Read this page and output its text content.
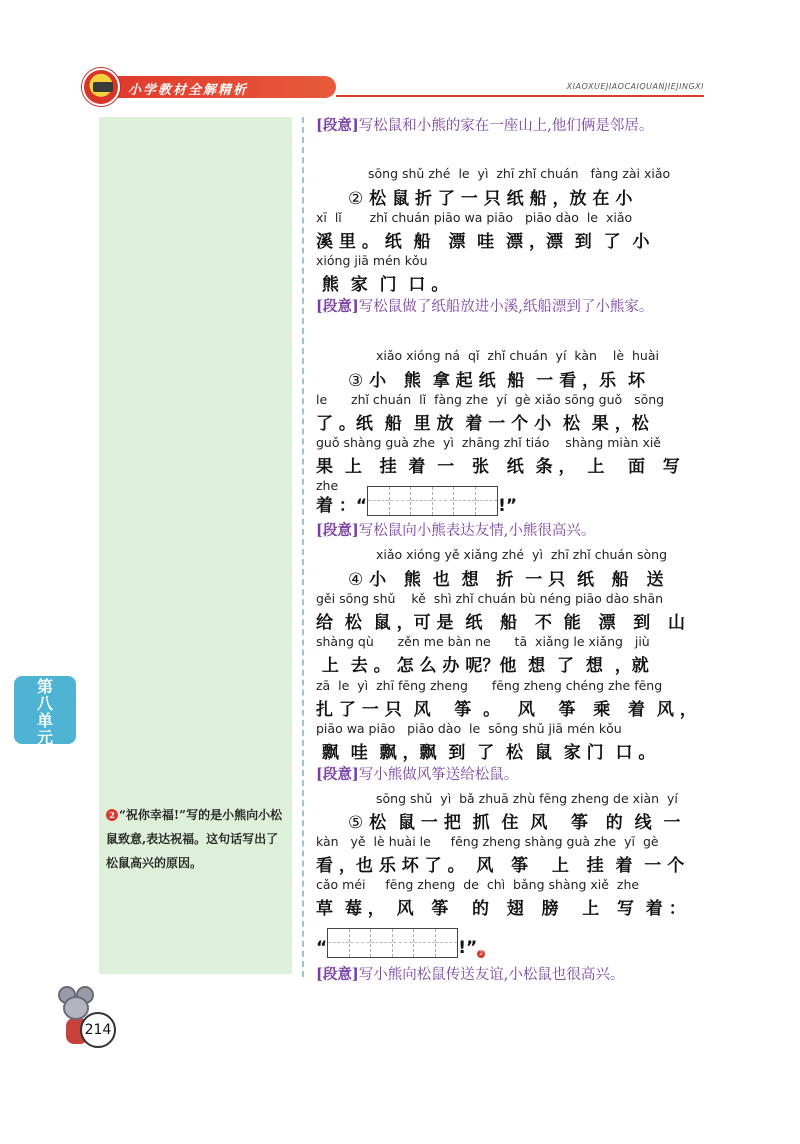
小学教材全解精析	XIAOXUEJIAOCAIQUANJIEJINGXI
2 “祝你幸福!”写的是小熊向小松鼠致意,表达祝福。这句话写出了松鼠高兴的原因。
第
八
单
元
214
[段意]写松鼠和小熊的家在一座山上,他们俩是邻居。
sōng shǔ zhé  le  yì  zhī zhǐ chuán   fàng zài xiǎo
② 松 鼠 折 了 一 只 纸 船 ，放 在 小
xī  lǐ       zhǐ chuán piāo wa piāo   piāo dào  le  xiǎo
溪 里 。 纸  船   漂  哇  漂 ，漂  到  了  小
xióng jiā mén kǒu
熊  家  门  口 。
[段意]写松鼠做了纸船放进小溪,纸船漂到了小熊家。
xiǎo xióng ná  qǐ  zhǐ chuán  yí  kàn    lè  huài
③ 小   熊  拿 起 纸  船  一 看 ，乐  坏
le      zhǐ chuán  lǐ  fàng zhe  yí  gè xiǎo sōng guǒ   sōng
了 。纸  船  里 放  着 一 个 小  松  果 ，松
guǒ shàng guà zhe  yì  zhāng zhǐ tiáo    shàng miàn xiě
果  上   挂  着  一   张   纸  条 ，  上    面   写
zhe
着 ：“	!”
[段意]写松鼠向小熊表达友情,小熊很高兴。
xiǎo xióng yě xiǎng zhé  yì  zhī zhǐ chuán sòng
④ 小   熊  也  想   折  一 只  纸   船   送
gěi sōng shǔ    kě  shì zhǐ chuán bù néng piāo dào shān
给  松  鼠 ，可 是  纸   船   不  能   漂   到   山
shàng qù      zěn me bàn ne      tā  xiǎng le xiǎng   jiù
上  去 。 怎 么 办 呢？他  想  了  想  ，就
zā  le  yì  zhī fēng zheng      fēng zheng chéng zhe fēng
扎 了 一 只  风    筝  。   风    筝   乘   着  风 ，
piāo wa piāo   piāo dào  le  sōng shǔ jiā mén kǒu
飘  哇  飘 ，飘  到  了  松  鼠  家 门  口 。
[段意]写小熊做风筝送给松鼠。
sōng shǔ  yì  bǎ zhuā zhù fēng zheng de xiàn  yí
⑤ 松  鼠 一 把  抓  住  风    筝   的  线  一
kàn   yě  lè huài le     fēng zheng shàng guà zhe  yī  gè
看 ，也 乐 坏 了 。  风   筝    上   挂  着  一 个
cǎo méi     fēng zheng  de  chì  bǎng shàng xiě  zhe
草  莓 ，  风   筝    的   翅   膀    上   写  着 ：
“	!” 2
[段意]写小熊向松鼠传送友谊,小松鼠也很高兴。
